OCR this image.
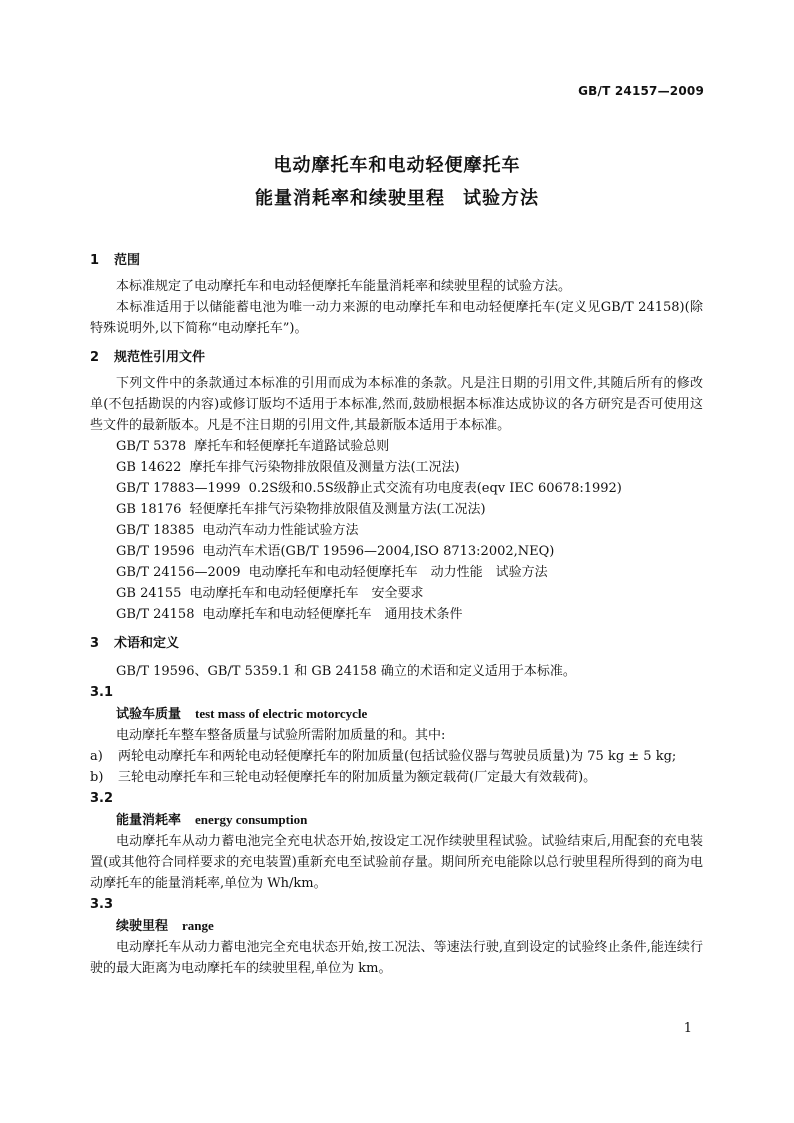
GB/T 24157—2009
电动摩托车和电动轻便摩托车
能量消耗率和续驶里程 试验方法
1	范围
本标准规定了电动摩托车和电动轻便摩托车能量消耗率和续驶里程的试验方法。
本标准适用于以储能蓄电池为唯一动力来源的电动摩托车和电动轻便摩托车(定义见GB/T 24158)(除特殊说明外,以下简称“电动摩托车”)。
2	规范性引用文件
下列文件中的条款通过本标准的引用而成为本标准的条款。凡是注日期的引用文件,其随后所有的修改单(不包括勘误的内容)或修订版均不适用于本标准,然而,鼓励根据本标准达成协议的各方研究是否可使用这些文件的最新版本。凡是不注日期的引用文件,其最新版本适用于本标准。
GB/T 5378 摩托车和轻便摩托车道路试验总则
GB 14622 摩托车排气污染物排放限值及测量方法(工况法)
GB/T 17883—1999 0.2S级和0.5S级静止式交流有功电度表(eqv IEC 60678:1992)
GB 18176 轻便摩托车排气污染物排放限值及测量方法(工况法)
GB/T 18385 电动汽车动力性能试验方法
GB/T 19596 电动汽车术语(GB/T 19596—2004,ISO 8713:2002,NEQ)
GB/T 24156—2009 电动摩托车和电动轻便摩托车　动力性能　试验方法
GB 24155 电动摩托车和电动轻便摩托车　安全要求
GB/T 24158 电动摩托车和电动轻便摩托车　通用技术条件
3	术语和定义
GB/T 19596、GB/T 5359.1 和 GB 24158 确立的术语和定义适用于本标准。
3.1
试验车质量 test mass of electric motorcycle
电动摩托车整车整备质量与试验所需附加质量的和。其中:
a)	两轮电动摩托车和两轮电动轻便摩托车的附加质量(包括试验仪器与驾驶员质量)为 75 kg ± 5 kg;
b)	三轮电动摩托车和三轮电动轻便摩托车的附加质量为额定载荷(厂定最大有效载荷)。
3.2
能量消耗率 energy consumption
电动摩托车从动力蓄电池完全充电状态开始,按设定工况作续驶里程试验。试验结束后,用配套的充电装置(或其他符合同样要求的充电装置)重新充电至试验前存量。期间所充电能除以总行驶里程所得到的商为电动摩托车的能量消耗率,单位为 Wh/km。
3.3
续驶里程 range
电动摩托车从动力蓄电池完全充电状态开始,按工况法、等速法行驶,直到设定的试验终止条件,能连续行驶的最大距离为电动摩托车的续驶里程,单位为 km。
1
